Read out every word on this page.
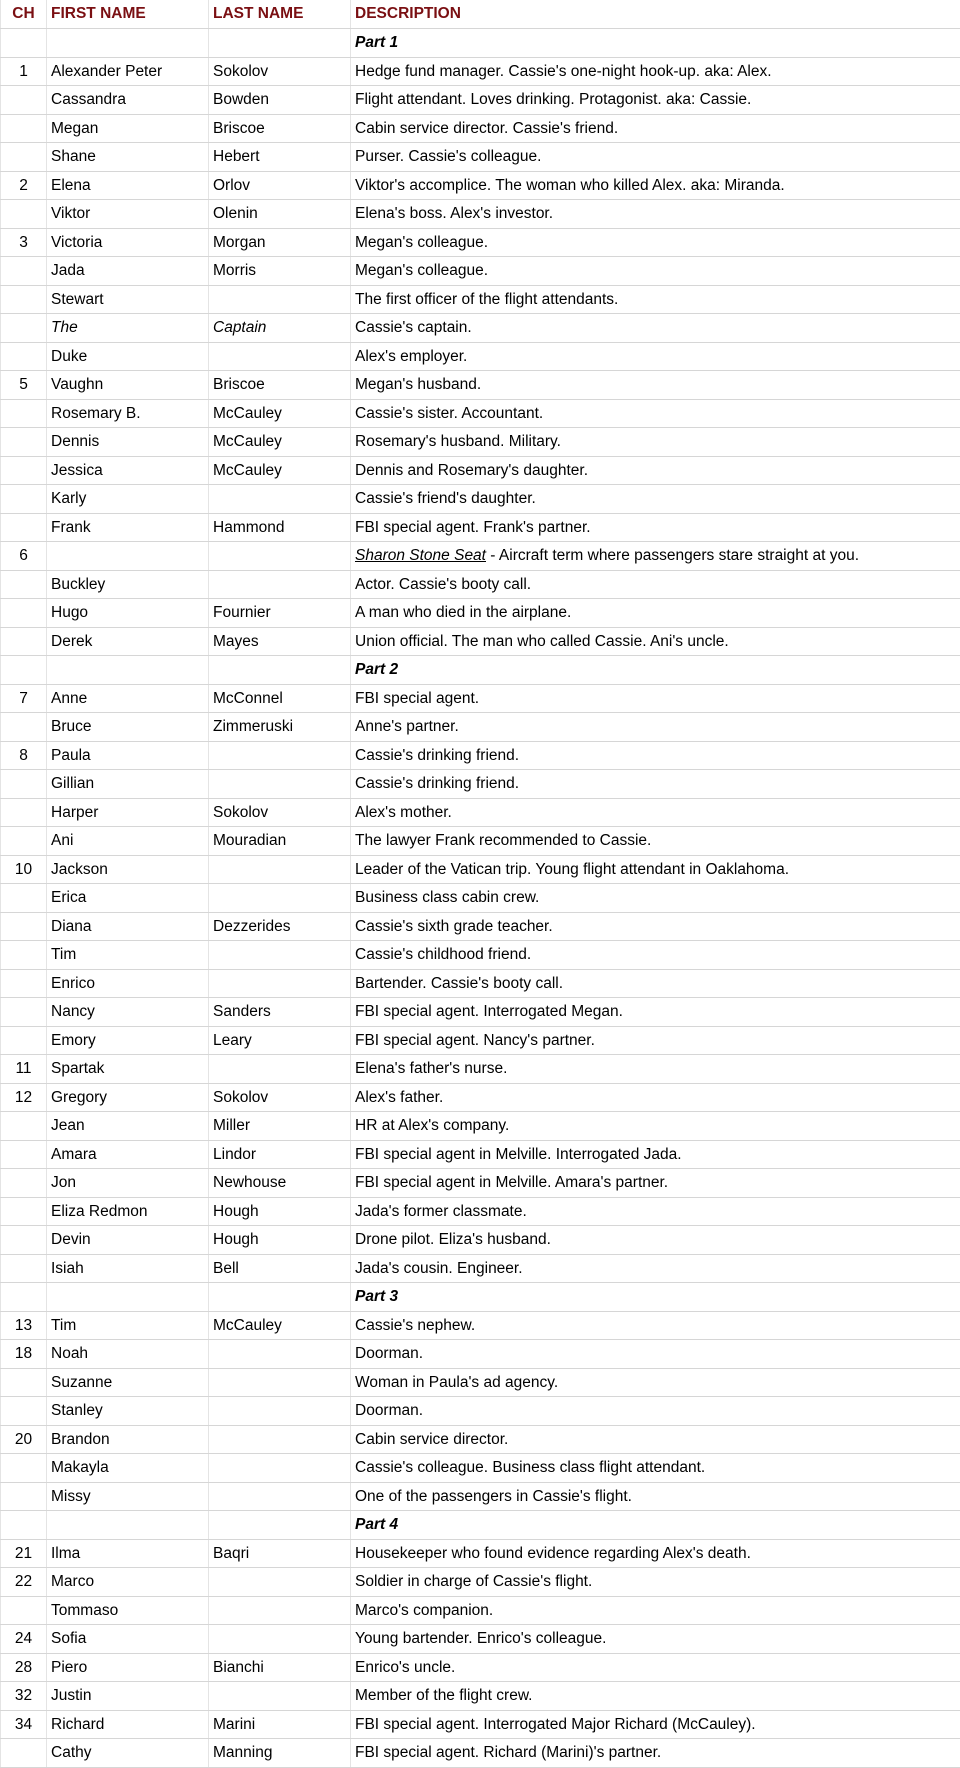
CH	FIRST NAME	LAST NAME	DESCRIPTION
			Part 1
1	Alexander Peter	Sokolov	Hedge fund manager. Cassie's one-night hook-up. aka: Alex.
	Cassandra	Bowden	Flight attendant. Loves drinking. Protagonist. aka: Cassie.
	Megan	Briscoe	Cabin service director. Cassie's friend.
	Shane	Hebert	Purser. Cassie's colleague.
2	Elena	Orlov	Viktor's accomplice. The woman who killed Alex. aka: Miranda.
	Viktor	Olenin	Elena's boss. Alex's investor.
3	Victoria	Morgan	Megan's colleague.
	Jada	Morris	Megan's colleague.
	Stewart		The first officer of the flight attendants.
	The	Captain	Cassie's captain.
	Duke		Alex's employer.
5	Vaughn	Briscoe	Megan's husband.
	Rosemary B.	McCauley	Cassie's sister. Accountant.
	Dennis	McCauley	Rosemary's husband. Military.
	Jessica	McCauley	Dennis and Rosemary's daughter.
	Karly		Cassie's friend's daughter.
	Frank	Hammond	FBI special agent. Frank's partner.
6			Sharon Stone Seat - Aircraft term where passengers stare straight at you.
	Buckley		Actor. Cassie's booty call.
	Hugo	Fournier	A man who died in the airplane.
	Derek	Mayes	Union official. The man who called Cassie. Ani's uncle.
			Part 2
7	Anne	McConnel	FBI special agent.
	Bruce	Zimmeruski	Anne's partner.
8	Paula		Cassie's drinking friend.
	Gillian		Cassie's drinking friend.
	Harper	Sokolov	Alex's mother.
	Ani	Mouradian	The lawyer Frank recommended to Cassie.
10	Jackson		Leader of the Vatican trip. Young flight attendant in Oaklahoma.
	Erica		Business class cabin crew.
	Diana	Dezzerides	Cassie's sixth grade teacher.
	Tim		Cassie's childhood friend.
	Enrico		Bartender. Cassie's booty call.
	Nancy	Sanders	FBI special agent. Interrogated Megan.
	Emory	Leary	FBI special agent. Nancy's partner.
11	Spartak		Elena's father's nurse.
12	Gregory	Sokolov	Alex's father.
	Jean	Miller	HR at Alex's company.
	Amara	Lindor	FBI special agent in Melville. Interrogated Jada.
	Jon	Newhouse	FBI special agent in Melville. Amara's partner.
	Eliza Redmon	Hough	Jada's former classmate.
	Devin	Hough	Drone pilot. Eliza's husband.
	Isiah	Bell	Jada's cousin. Engineer.
			Part 3
13	Tim	McCauley	Cassie's nephew.
18	Noah		Doorman.
	Suzanne		Woman in Paula's ad agency.
	Stanley		Doorman.
20	Brandon		Cabin service director.
	Makayla		Cassie's colleague. Business class flight attendant.
	Missy		One of the passengers in Cassie's flight.
			Part 4
21	Ilma	Baqri	Housekeeper who found evidence regarding Alex's death.
22	Marco		Soldier in charge of Cassie's flight.
	Tommaso		Marco's companion.
24	Sofia		Young bartender. Enrico's colleague.
28	Piero	Bianchi	Enrico's uncle.
32	Justin		Member of the flight crew.
34	Richard	Marini	FBI special agent. Interrogated Major Richard (McCauley).
	Cathy	Manning	FBI special agent. Richard (Marini)'s partner.
